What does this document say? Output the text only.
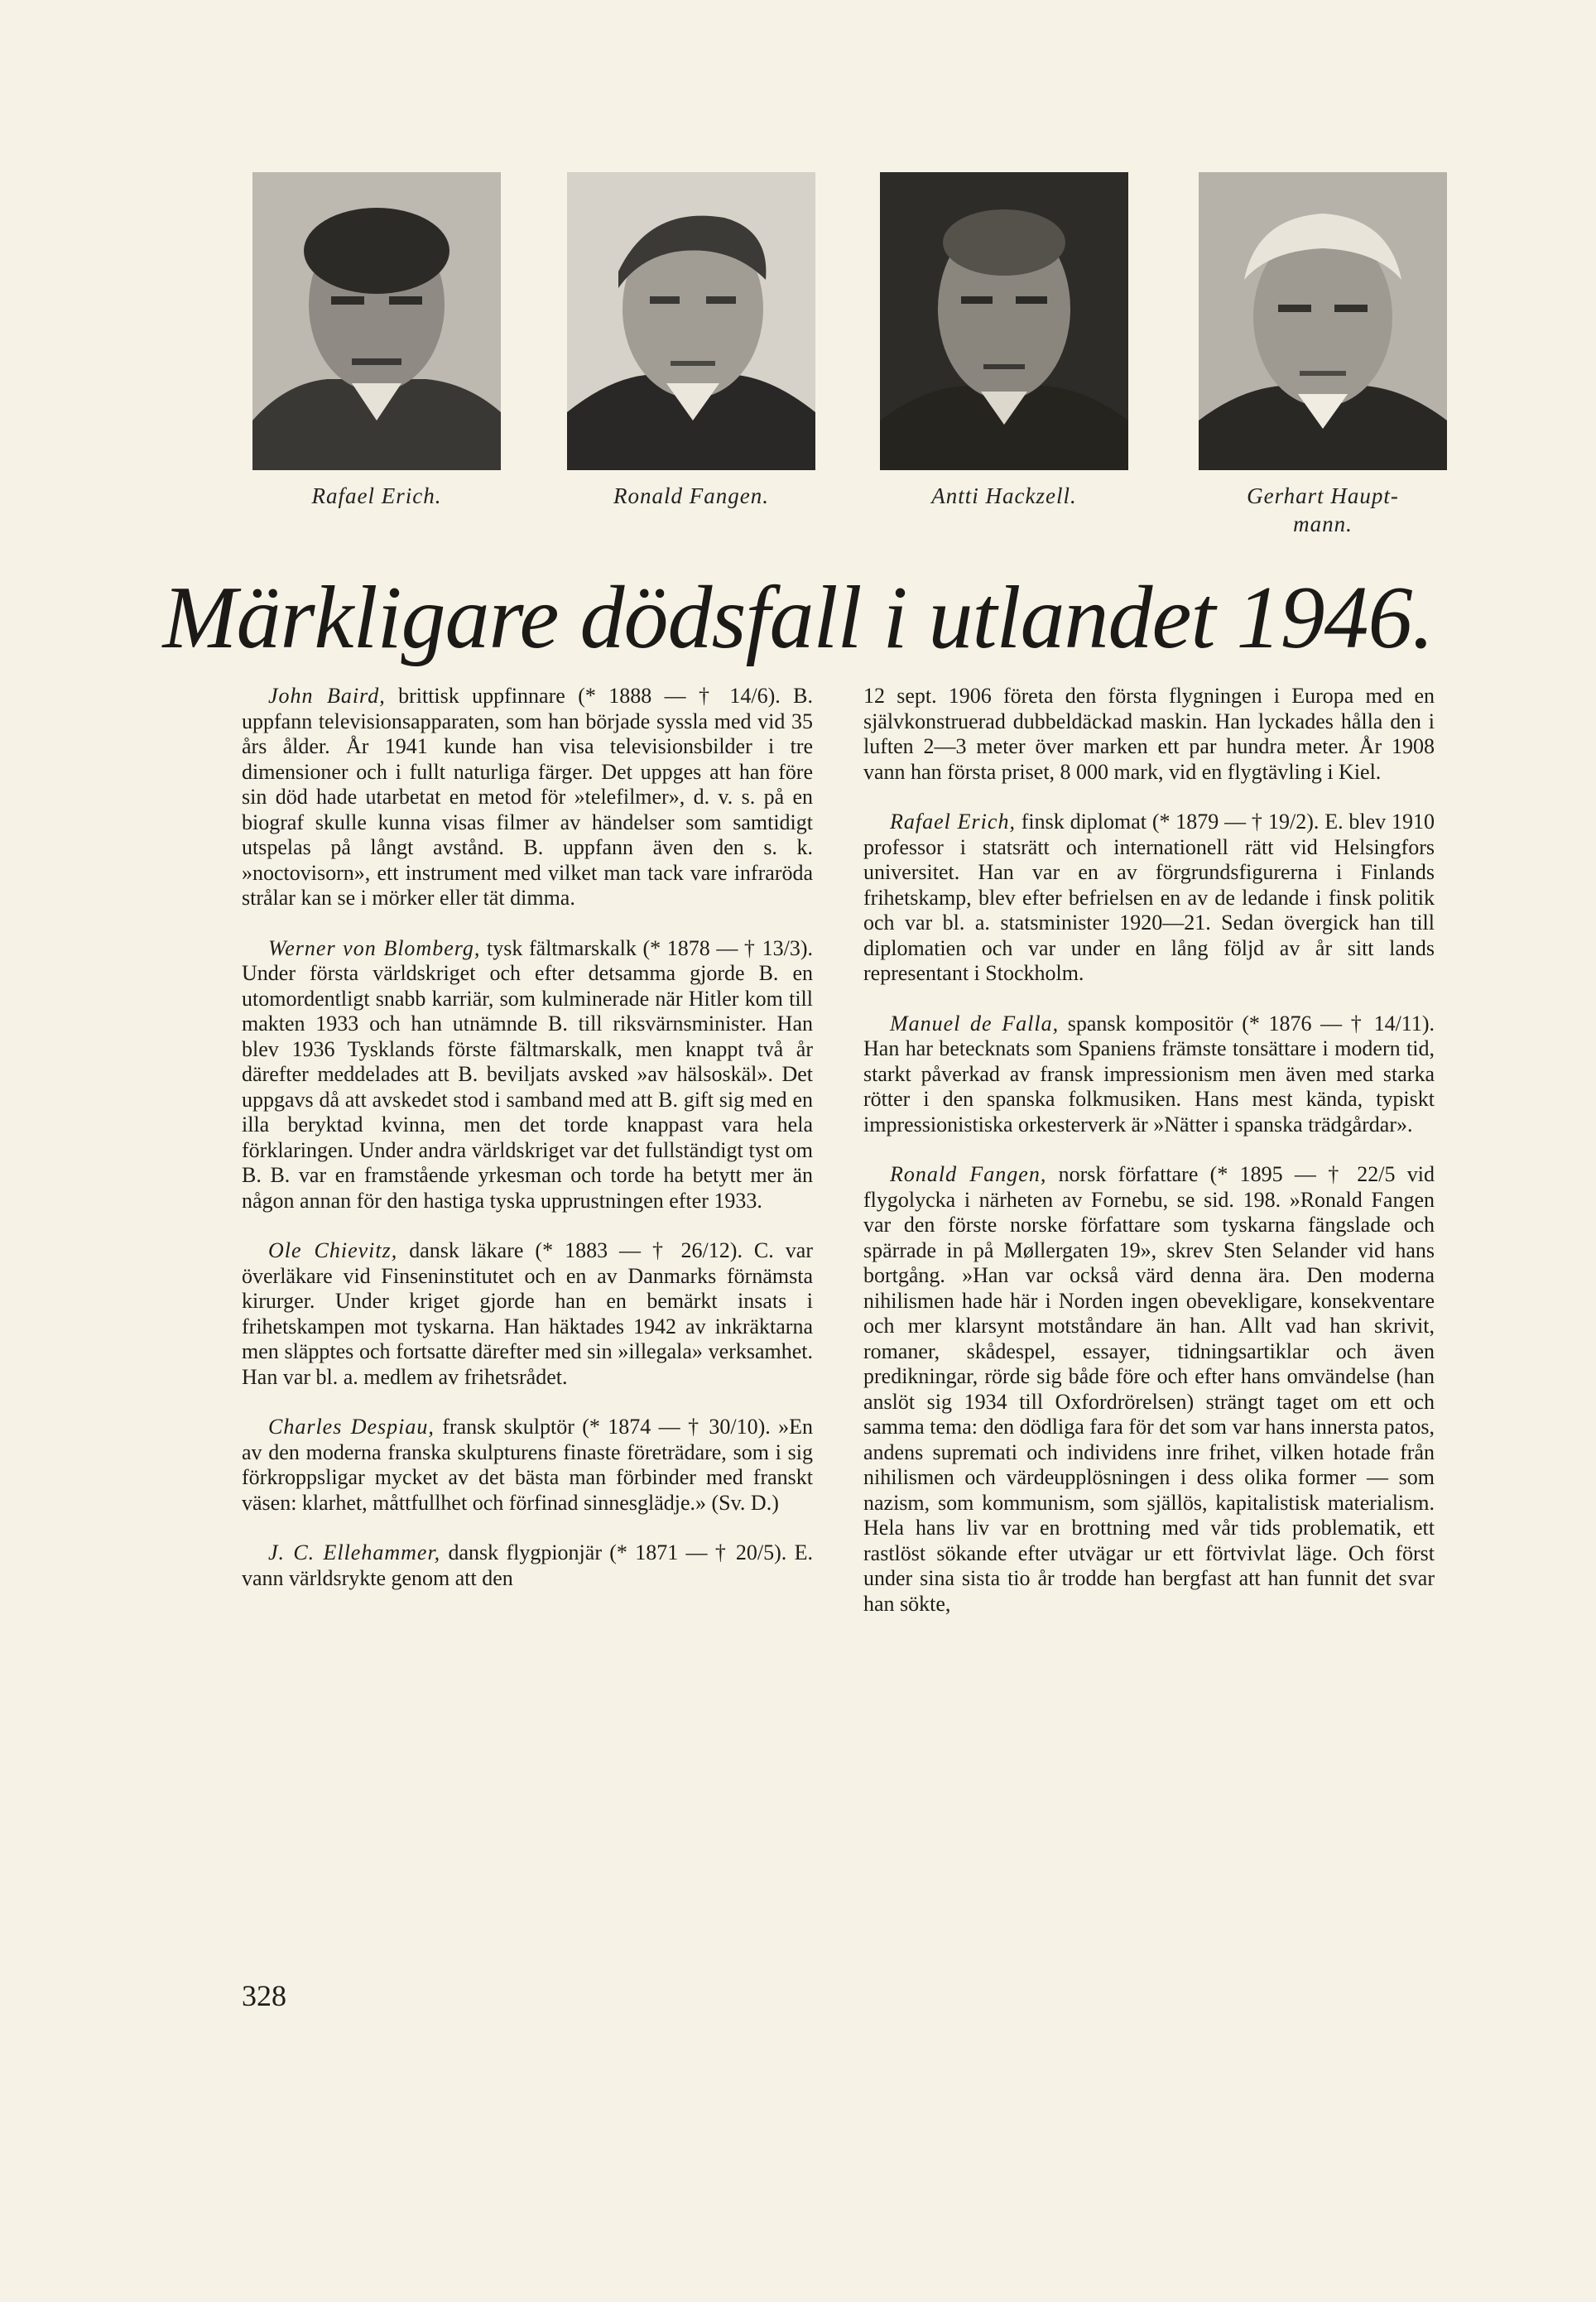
Rafael Erich.	Ronald Fangen.	Antti Hackzell.	Gerhart Haupt-
mann.
Märkligare dödsfall i utlandet 1946.

John Baird, brittisk uppfinnare (* 1888 — † 14/6). B. uppfann televisionsapparaten, som han började syssla med vid 35 års ålder. År 1941 kunde han visa televisionsbilder i tre dimensioner och i fullt naturliga färger. Det uppges att han före sin död hade utarbetat en metod för »telefilmer», d. v. s. på en biograf skulle kunna visas filmer av händelser som samtidigt utspelas på långt avstånd. B. uppfann även den s. k. »noctovisorn», ett instrument med vilket man tack vare infraröda strålar kan se i mörker eller tät dimma.

Werner von Blomberg, tysk fältmarskalk (* 1878 — † 13/3). Under första världskriget och efter detsamma gjorde B. en utomordentligt snabb karriär, som kulminerade när Hitler kom till makten 1933 och han utnämnde B. till riksvärnsminister. Han blev 1936 Tysklands förste fältmarskalk, men knappt två år därefter meddelades att B. beviljats avsked »av hälsoskäl». Det uppgavs då att avskedet stod i samband med att B. gift sig med en illa beryktad kvinna, men det torde knappast vara hela förklaringen. Under andra världskriget var det fullständigt tyst om B. B. var en framstående yrkesman och torde ha betytt mer än någon annan för den hastiga tyska upprustningen efter 1933.

Ole Chievitz, dansk läkare (* 1883 — † 26/12). C. var överläkare vid Finseninstitutet och en av Danmarks förnämsta kirurger. Under kriget gjorde han en bemärkt insats i frihetskampen mot tyskarna. Han häktades 1942 av inkräktarna men släpptes och fortsatte därefter med sin »illegala» verksamhet. Han var bl. a. medlem av frihetsrådet.

Charles Despiau, fransk skulptör (* 1874 — † 30/10). »En av den moderna franska skulpturens finaste företrädare, som i sig förkroppsligar mycket av det bästa man förbinder med franskt väsen: klarhet, måttfullhet och förfinad sinnesglädje.» (Sv. D.)

J. C. Ellehammer, dansk flygpionjär (* 1871 — † 20/5). E. vann världsrykte genom att den

12 sept. 1906 företa den första flygningen i Europa med en självkonstruerad dubbeldäckad maskin. Han lyckades hålla den i luften 2—3 meter över marken ett par hundra meter. År 1908 vann han första priset, 8 000 mark, vid en flygtävling i Kiel.

Rafael Erich, finsk diplomat (* 1879 — † 19/2). E. blev 1910 professor i statsrätt och internationell rätt vid Helsingfors universitet. Han var en av förgrundsfigurerna i Finlands frihetskamp, blev efter befrielsen en av de ledande i finsk politik och var bl. a. statsminister 1920—21. Sedan övergick han till diplomatien och var under en lång följd av år sitt lands representant i Stockholm.

Manuel de Falla, spansk kompositör (* 1876 — † 14/11). Han har betecknats som Spaniens främste tonsättare i modern tid, starkt påverkad av fransk impressionism men även med starka rötter i den spanska folkmusiken. Hans mest kända, typiskt impressionistiska orkesterverk är »Nätter i spanska trädgårdar».

Ronald Fangen, norsk författare (* 1895 — † 22/5 vid flygolycka i närheten av Fornebu, se sid. 198. »Ronald Fangen var den förste norske författare som tyskarna fängslade och spärrade in på Møllergaten 19», skrev Sten Selander vid hans bortgång. »Han var också värd denna ära. Den moderna nihilismen hade här i Norden ingen obevekligare, konsekventare och mer klarsynt motståndare än han. Allt vad han skrivit, romaner, skådespel, essayer, tidningsartiklar och även predikningar, rörde sig både före och efter hans omvändelse (han anslöt sig 1934 till Oxfordrörelsen) strängt taget om ett och samma tema: den dödliga fara för det som var hans innersta patos, andens supremati och individens inre frihet, vilken hotade från nihilismen och värdeupplösningen i dess olika former — som nazism, som kommunism, som själlös, kapitalistisk materialism. Hela hans liv var en brottning med vår tids problematik, ett rastlöst sökande efter utvägar ur ett förtvivlat läge. Och först under sina sista tio år trodde han bergfast att han funnit det svar han sökte,

328
